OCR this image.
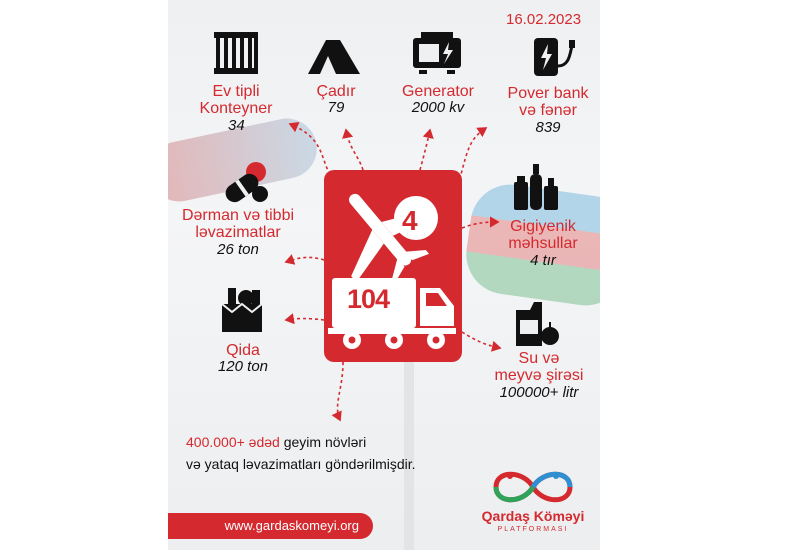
16.02.2023
4
104
Ev tipli
Konteyner
34
Çadır
79
Generator
2000 kv
Pover bank
və fənər
839
Dərman və tibbi
ləvazimatlar
26 ton
Gigiyenik
məhsullar
4 tır
Qida
120 ton	Su və
meyvə şirəsi
100000+ litr
400.000+ ədəd geyim növləri
və yataq ləvazimatları göndərilmişdir.
www.gardaskomeyi.org
Qardaş Köməyi
PLATFORMASI
